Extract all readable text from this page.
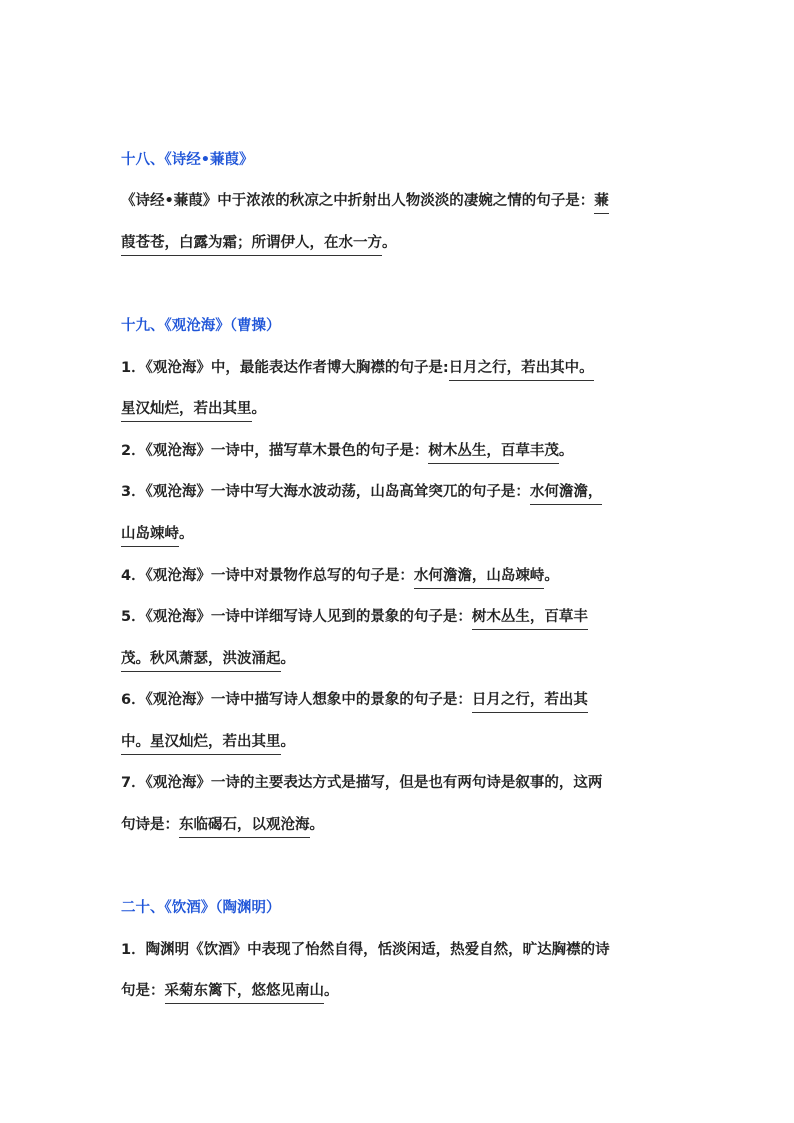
十八、《诗经•蒹葭》
《诗经•蒹葭》中于浓浓的秋凉之中折射出人物淡淡的凄婉之情的句子是：蒹
葭苍苍，白露为霜；所谓伊人，在水一方。
十九、《观沧海》（曹操）
1．《观沧海》中，最能表达作者博大胸襟的句子是:日月之行，若出其中。
星汉灿烂，若出其里。
2．《观沧海》一诗中，描写草木景色的句子是：树木丛生，百草丰茂。
3．《观沧海》一诗中写大海水波动荡，山岛高耸突兀的句子是：水何澹澹，
山岛竦峙。
4．《观沧海》一诗中对景物作总写的句子是：水何澹澹，山岛竦峙。
5．《观沧海》一诗中详细写诗人见到的景象的句子是：树木丛生，百草丰
茂。秋风萧瑟，洪波涌起。
6．《观沧海》一诗中描写诗人想象中的景象的句子是：日月之行，若出其
中。星汉灿烂，若出其里。
7．《观沧海》一诗的主要表达方式是描写，但是也有两句诗是叙事的，这两
句诗是：东临碣石，以观沧海。
二十、《饮酒》（陶渊明）
1．陶渊明《饮酒》中表现了怡然自得，恬淡闲适，热爱自然，旷达胸襟的诗
句是：采菊东篱下，悠悠见南山。
